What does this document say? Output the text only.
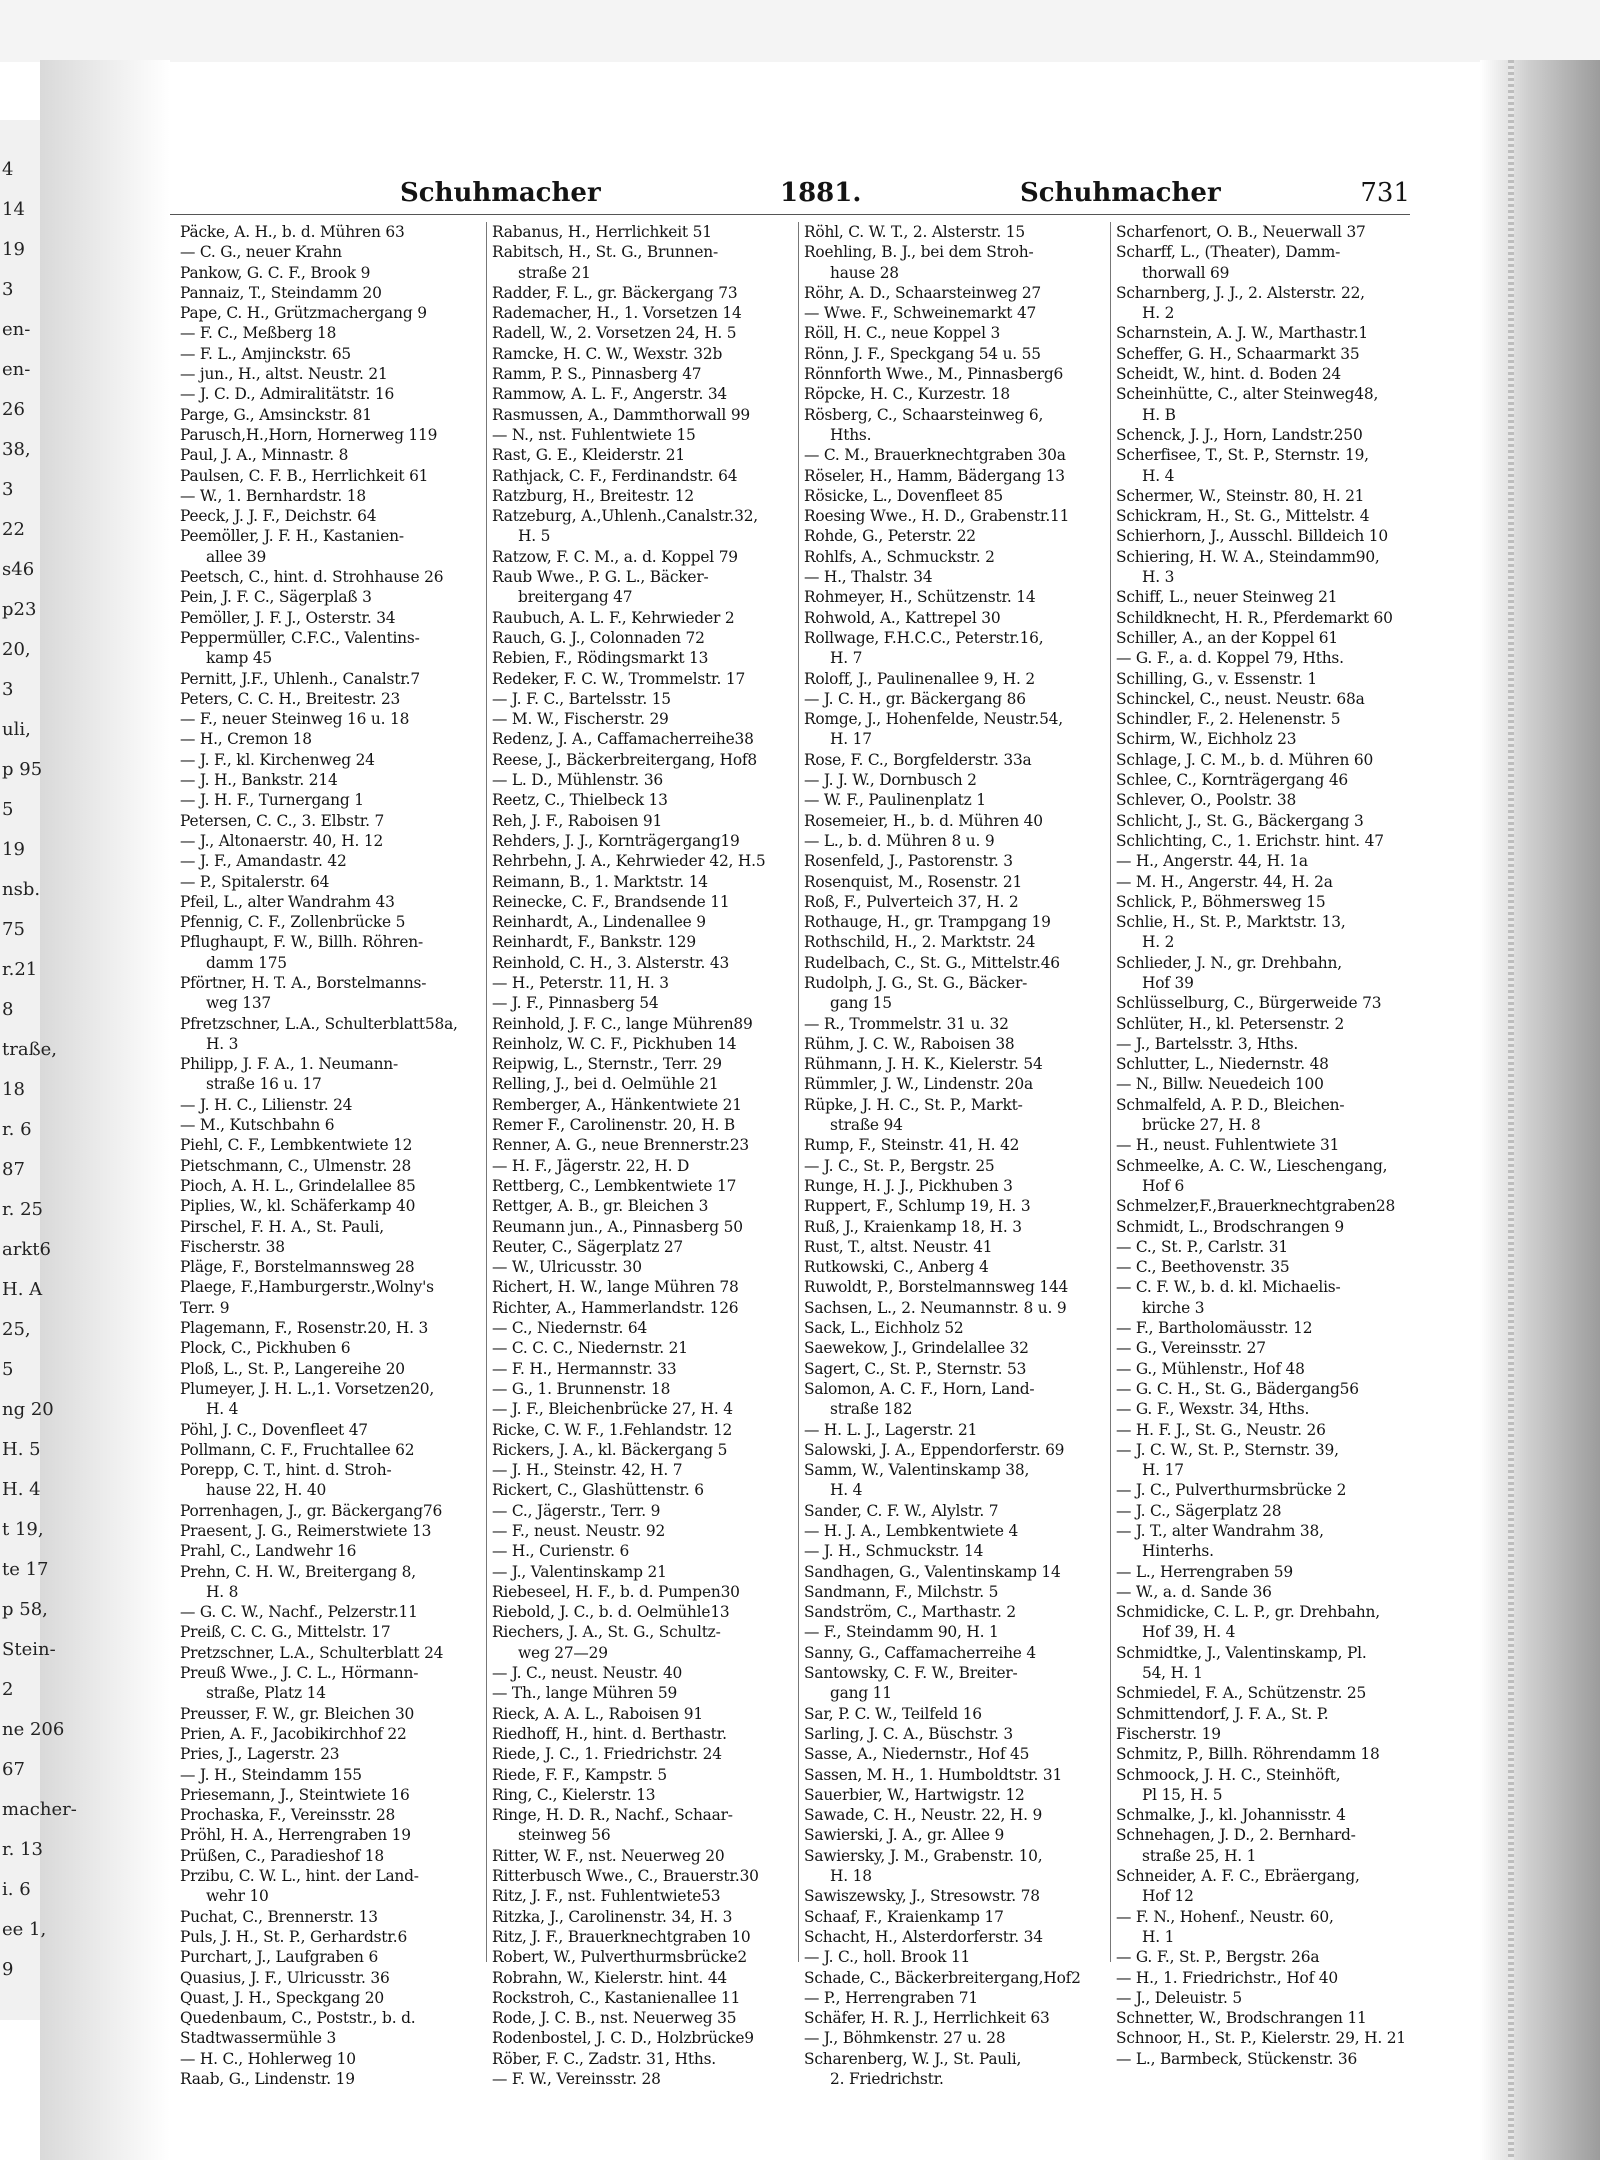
4
14
19
3
en-
en-
26
38,
3
22
s46
p23
20,
3
uli,
p 95
5
19
nsb.
75
r.21
8
traße,
18
r. 6
87
r. 25
arkt6
H. A
25,
5
ng 20
H. 5
H. 4
t 19,
te 17
p 58,
Stein-
2
ne 206
67
macher-
r. 13
i. 6
ee 1,
9
Schuhmacher	1881.	Schuhmacher	731
Päcke, A. H., b. d. Mühren 63
— C. G., neuer Krahn
Pankow, G. C. F., Brook 9
Pannaiz, T., Steindamm 20
Pape, C. H., Grützmachergang 9
— F. C., Meßberg 18
— F. L., Amjinckstr. 65
— jun., H., altst. Neustr. 21
— J. C. D., Admiralitätstr. 16
Parge, G., Amsinckstr. 81
Parusch,H.,Horn, Hornerweg 119
Paul, J. A., Minnastr. 8
Paulsen, C. F. B., Herrlichkeit 61
— W., 1. Bernhardstr. 18
Peeck, J. J. F., Deichstr. 64
Peemöller, J. F. H., Kastanien-
allee 39
Peetsch, C., hint. d. Strohhause 26
Pein, J. F. C., Sägerplaß 3
Pemöller, J. F. J., Osterstr. 34
Peppermüller, C.F.C., Valentins-
kamp 45
Pernitt, J.F., Uhlenh., Canalstr.7
Peters, C. C. H., Breitestr. 23
— F., neuer Steinweg 16 u. 18
— H., Cremon 18
— J. F., kl. Kirchenweg 24
— J. H., Bankstr. 214
— J. H. F., Turnergang 1
Petersen, C. C., 3. Elbstr. 7
— J., Altonaerstr. 40, H. 12
— J. F., Amandastr. 42
— P., Spitalerstr. 64
Pfeil, L., alter Wandrahm 43
Pfennig, C. F., Zollenbrücke 5
Pflughaupt, F. W., Billh. Röhren-
damm 175
Pförtner, H. T. A., Borstelmanns-
weg 137
Pfretzschner, L.A., Schulterblatt58a,
H. 3
Philipp, J. F. A., 1. Neumann-
straße 16 u. 17
— J. H. C., Lilienstr. 24
— M., Kutschbahn 6
Piehl, C. F., Lembkentwiete 12
Pietschmann, C., Ulmenstr. 28
Pioch, A. H. L., Grindelallee 85
Piplies, W., kl. Schäferkamp 40
Pirschel, F. H. A., St. Pauli,
Fischerstr. 38
Pläge, F., Borstelmannsweg 28
Plaege, F.,Hamburgerstr.,Wolny's
Terr. 9
Plagemann, F., Rosenstr.20, H. 3
Plock, C., Pickhuben 6
Ploß, L., St. P., Langereihe 20
Plumeyer, J. H. L.,1. Vorsetzen20,
H. 4
Pöhl, J. C., Dovenfleet 47
Pollmann, C. F., Fruchtallee 62
Porepp, C. T., hint. d. Stroh-
hause 22, H. 40
Porrenhagen, J., gr. Bäckergang76
Praesent, J. G., Reimerstwiete 13
Prahl, C., Landwehr 16
Prehn, C. H. W., Breitergang 8,
H. 8
— G. C. W., Nachf., Pelzerstr.11
Preiß, C. C. G., Mittelstr. 17
Pretzschner, L.A., Schulterblatt 24
Preuß Wwe., J. C. L., Hörmann-
straße, Platz 14
Preusser, F. W., gr. Bleichen 30
Prien, A. F., Jacobikirchhof 22
Pries, J., Lagerstr. 23
— J. H., Steindamm 155
Priesemann, J., Steintwiete 16
Prochaska, F., Vereinsstr. 28
Pröhl, H. A., Herrengraben 19
Prüßen, C., Paradieshof 18
Przibu, C. W. L., hint. der Land-
wehr 10
Puchat, C., Brennerstr. 13
Puls, J. H., St. P., Gerhardstr.6
Purchart, J., Laufgraben 6
Quasius, J. F., Ulricusstr. 36
Quast, J. H., Speckgang 20
Quedenbaum, C., Poststr., b. d.
Stadtwassermühle 3
— H. C., Hohlerweg 10
Raab, G., Lindenstr. 19
Rabanus, H., Herrlichkeit 51
Rabitsch, H., St. G., Brunnen-
straße 21
Radder, F. L., gr. Bäckergang 73
Rademacher, H., 1. Vorsetzen 14
Radell, W., 2. Vorsetzen 24, H. 5
Ramcke, H. C. W., Wexstr. 32b
Ramm, P. S., Pinnasberg 47
Rammow, A. L. F., Angerstr. 34
Rasmussen, A., Dammthorwall 99
— N., nst. Fuhlentwiete 15
Rast, G. E., Kleiderstr. 21
Rathjack, C. F., Ferdinandstr. 64
Ratzburg, H., Breitestr. 12
Ratzeburg, A.,Uhlenh.,Canalstr.32,
H. 5
Ratzow, F. C. M., a. d. Koppel 79
Raub Wwe., P. G. L., Bäcker-
breitergang 47
Raubuch, A. L. F., Kehrwieder 2
Rauch, G. J., Colonnaden 72
Rebien, F., Rödingsmarkt 13
Redeker, F. C. W., Trommelstr. 17
— J. F. C., Bartelsstr. 15
— M. W., Fischerstr. 29
Redenz, J. A., Caffamacherreihe38
Reese, J., Bäckerbreitergang, Hof8
— L. D., Mühlenstr. 36
Reetz, C., Thielbeck 13
Reh, J. F., Raboisen 91
Rehders, J. J., Kornträgergang19
Rehrbehn, J. A., Kehrwieder 42, H.5
Reimann, B., 1. Marktstr. 14
Reinecke, C. F., Brandsende 11
Reinhardt, A., Lindenallee 9
Reinhardt, F., Bankstr. 129
Reinhold, C. H., 3. Alsterstr. 43
— H., Peterstr. 11, H. 3
— J. F., Pinnasberg 54
Reinhold, J. F. C., lange Mühren89
Reinholz, W. C. F., Pickhuben 14
Reipwig, L., Sternstr., Terr. 29
Relling, J., bei d. Oelmühle 21
Remberger, A., Hänkentwiete 21
Remer F., Carolinenstr. 20, H. B
Renner, A. G., neue Brennerstr.23
— H. F., Jägerstr. 22, H. D
Rettberg, C., Lembkentwiete 17
Rettger, A. B., gr. Bleichen 3
Reumann jun., A., Pinnasberg 50
Reuter, C., Sägerplatz 27
— W., Ulricusstr. 30
Richert, H. W., lange Mühren 78
Richter, A., Hammerlandstr. 126
— C., Niedernstr. 64
— C. C. C., Niedernstr. 21
— F. H., Hermannstr. 33
— G., 1. Brunnenstr. 18
— J. F., Bleichenbrücke 27, H. 4
Ricke, C. W. F., 1.Fehlandstr. 12
Rickers, J. A., kl. Bäckergang 5
— J. H., Steinstr. 42, H. 7
Rickert, C., Glashüttenstr. 6
— C., Jägerstr., Terr. 9
— F., neust. Neustr. 92
— H., Curienstr. 6
— J., Valentinskamp 21
Riebeseel, H. F., b. d. Pumpen30
Riebold, J. C., b. d. Oelmühle13
Riechers, J. A., St. G., Schultz-
weg 27—29
— J. C., neust. Neustr. 40
— Th., lange Mühren 59
Rieck, A. A. L., Raboisen 91
Riedhoff, H., hint. d. Berthastr.
Riede, J. C., 1. Friedrichstr. 24
Riede, F. F., Kampstr. 5
Ring, C., Kielerstr. 13
Ringe, H. D. R., Nachf., Schaar-
steinweg 56
Ritter, W. F., nst. Neuerweg 20
Ritterbusch Wwe., C., Brauerstr.30
Ritz, J. F., nst. Fuhlentwiete53
Ritzka, J., Carolinenstr. 34, H. 3
Ritz, J. F., Brauerknechtgraben 10
Robert, W., Pulverthurmsbrücke2
Robrahn, W., Kielerstr. hint. 44
Rockstroh, C., Kastanienallee 11
Rode, J. C. B., nst. Neuerweg 35
Rodenbostel, J. C. D., Holzbrücke9
Röber, F. C., Zadstr. 31, Hths.
— F. W., Vereinsstr. 28
Röhl, C. W. T., 2. Alsterstr. 15
Roehling, B. J., bei dem Stroh-
hause 28
Röhr, A. D., Schaarsteinweg 27
— Wwe. F., Schweinemarkt 47
Röll, H. C., neue Koppel 3
Rönn, J. F., Speckgang 54 u. 55
Rönnforth Wwe., M., Pinnasberg6
Röpcke, H. C., Kurzestr. 18
Rösberg, C., Schaarsteinweg 6,
Hths.
— C. M., Brauerknechtgraben 30a
Röseler, H., Hamm, Bädergang 13
Rösicke, L., Dovenfleet 85
Roesing Wwe., H. D., Grabenstr.11
Rohde, G., Peterstr. 22
Rohlfs, A., Schmuckstr. 2
— H., Thalstr. 34
Rohmeyer, H., Schützenstr. 14
Rohwold, A., Kattrepel 30
Rollwage, F.H.C.C., Peterstr.16,
H. 7
Roloff, J., Paulinenallee 9, H. 2
— J. C. H., gr. Bäckergang 86
Romge, J., Hohenfelde, Neustr.54,
H. 17
Rose, F. C., Borgfelderstr. 33a
— J. J. W., Dornbusch 2
— W. F., Paulinenplatz 1
Rosemeier, H., b. d. Mühren 40
— L., b. d. Mühren 8 u. 9
Rosenfeld, J., Pastorenstr. 3
Rosenquist, M., Rosenstr. 21
Roß, F., Pulverteich 37, H. 2
Rothauge, H., gr. Trampgang 19
Rothschild, H., 2. Marktstr. 24
Rudelbach, C., St. G., Mittelstr.46
Rudolph, J. G., St. G., Bäcker-
gang 15
— R., Trommelstr. 31 u. 32
Rühm, J. C. W., Raboisen 38
Rühmann, J. H. K., Kielerstr. 54
Rümmler, J. W., Lindenstr. 20a
Rüpke, J. H. C., St. P., Markt-
straße 94
Rump, F., Steinstr. 41, H. 42
— J. C., St. P., Bergstr. 25
Runge, H. J. J., Pickhuben 3
Ruppert, F., Schlump 19, H. 3
Ruß, J., Kraienkamp 18, H. 3
Rust, T., altst. Neustr. 41
Rutkowski, C., Anberg 4
Ruwoldt, P., Borstelmannsweg 144
Sachsen, L., 2. Neumannstr. 8 u. 9
Sack, L., Eichholz 52
Saewekow, J., Grindelallee 32
Sagert, C., St. P., Sternstr. 53
Salomon, A. C. F., Horn, Land-
straße 182
— H. L. J., Lagerstr. 21
Salowski, J. A., Eppendorferstr. 69
Samm, W., Valentinskamp 38,
H. 4
Sander, C. F. W., Alylstr. 7
— H. J. A., Lembkentwiete 4
— J. H., Schmuckstr. 14
Sandhagen, G., Valentinskamp 14
Sandmann, F., Milchstr. 5
Sandström, C., Marthastr. 2
— F., Steindamm 90, H. 1
Sanny, G., Caffamacherreihe 4
Santowsky, C. F. W., Breiter-
gang 11
Sar, P. C. W., Teilfeld 16
Sarling, J. C. A., Büschstr. 3
Sasse, A., Niedernstr., Hof 45
Sassen, M. H., 1. Humboldtstr. 31
Sauerbier, W., Hartwigstr. 12
Sawade, C. H., Neustr. 22, H. 9
Sawierski, J. A., gr. Allee 9
Sawiersky, J. M., Grabenstr. 10,
H. 18
Sawiszewsky, J., Stresowstr. 78
Schaaf, F., Kraienkamp 17
Schacht, H., Alsterdorferstr. 34
— J. C., holl. Brook 11
Schade, C., Bäckerbreitergang,Hof2
— P., Herrengraben 71
Schäfer, H. R. J., Herrlichkeit 63
— J., Böhmkenstr. 27 u. 28
Scharenberg, W. J., St. Pauli,
2. Friedrichstr.
Scharfenort, O. B., Neuerwall 37
Scharff, L., (Theater), Damm-
thorwall 69
Scharnberg, J. J., 2. Alsterstr. 22,
H. 2
Scharnstein, A. J. W., Marthastr.1
Scheffer, G. H., Schaarmarkt 35
Scheidt, W., hint. d. Boden 24
Scheinhütte, C., alter Steinweg48,
H. B
Schenck, J. J., Horn, Landstr.250
Scherfisee, T., St. P., Sternstr. 19,
H. 4
Schermer, W., Steinstr. 80, H. 21
Schickram, H., St. G., Mittelstr. 4
Schierhorn, J., Ausschl. Billdeich 10
Schiering, H. W. A., Steindamm90,
H. 3
Schiff, L., neuer Steinweg 21
Schildknecht, H. R., Pferdemarkt 60
Schiller, A., an der Koppel 61
— G. F., a. d. Koppel 79, Hths.
Schilling, G., v. Essenstr. 1
Schinckel, C., neust. Neustr. 68a
Schindler, F., 2. Helenenstr. 5
Schirm, W., Eichholz 23
Schlage, J. C. M., b. d. Mühren 60
Schlee, C., Kornträgergang 46
Schlever, O., Poolstr. 38
Schlicht, J., St. G., Bäckergang 3
Schlichting, C., 1. Erichstr. hint. 47
— H., Angerstr. 44, H. 1a
— M. H., Angerstr. 44, H. 2a
Schlick, P., Böhmersweg 15
Schlie, H., St. P., Marktstr. 13,
H. 2
Schlieder, J. N., gr. Drehbahn,
Hof 39
Schlüsselburg, C., Bürgerweide 73
Schlüter, H., kl. Petersenstr. 2
— J., Bartelsstr. 3, Hths.
Schlutter, L., Niedernstr. 48
— N., Billw. Neuedeich 100
Schmalfeld, A. P. D., Bleichen-
brücke 27, H. 8
— H., neust. Fuhlentwiete 31
Schmeelke, A. C. W., Lieschengang,
Hof 6
Schmelzer,F.,Brauerknechtgraben28
Schmidt, L., Brodschrangen 9
— C., St. P., Carlstr. 31
— C., Beethovenstr. 35
— C. F. W., b. d. kl. Michaelis-
kirche 3
— F., Bartholomäusstr. 12
— G., Vereinsstr. 27
— G., Mühlenstr., Hof 48
— G. C. H., St. G., Bädergang56
— G. F., Wexstr. 34, Hths.
— H. F. J., St. G., Neustr. 26
— J. C. W., St. P., Sternstr. 39,
H. 17
— J. C., Pulverthurmsbrücke 2
— J. C., Sägerplatz 28
— J. T., alter Wandrahm 38,
Hinterhs.
— L., Herrengraben 59
— W., a. d. Sande 36
Schmidicke, C. L. P., gr. Drehbahn,
Hof 39, H. 4
Schmidtke, J., Valentinskamp, Pl.
54, H. 1
Schmiedel, F. A., Schützenstr. 25
Schmittendorf, J. F. A., St. P.
Fischerstr. 19
Schmitz, P., Billh. Röhrendamm 18
Schmoock, J. H. C., Steinhöft,
Pl 15, H. 5
Schmalke, J., kl. Johannisstr. 4
Schnehagen, J. D., 2. Bernhard-
straße 25, H. 1
Schneider, A. F. C., Ebräergang,
Hof 12
— F. N., Hohenf., Neustr. 60,
H. 1
— G. F., St. P., Bergstr. 26a
— H., 1. Friedrichstr., Hof 40
— J., Deleuistr. 5
Schnetter, W., Brodschrangen 11
Schnoor, H., St. P., Kielerstr. 29, H. 21
— L., Barmbeck, Stückenstr. 36
